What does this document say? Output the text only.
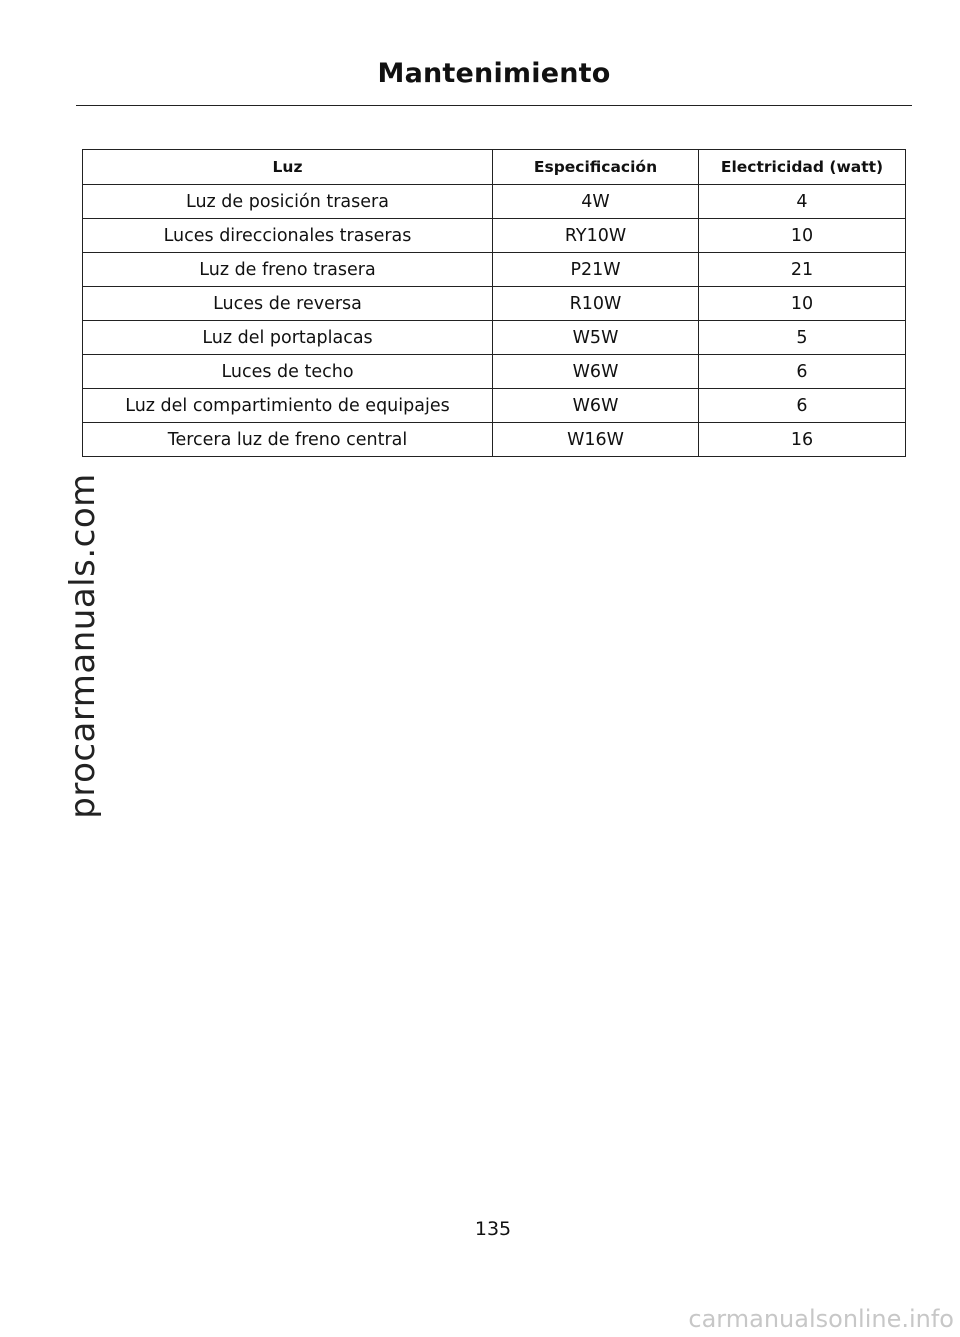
Mantenimiento
procarmanuals.com
Luz	Especificación	Electricidad (watt)
Luz de posición trasera	4W	4
Luces direccionales traseras	RY10W	10
Luz de freno trasera	P21W	21
Luces de reversa	R10W	10
Luz del portaplacas	W5W	5
Luces de techo	W6W	6
Luz del compartimiento de equipajes	W6W	6
Tercera luz de freno central	W16W	16
135
carmanualsonline.info
